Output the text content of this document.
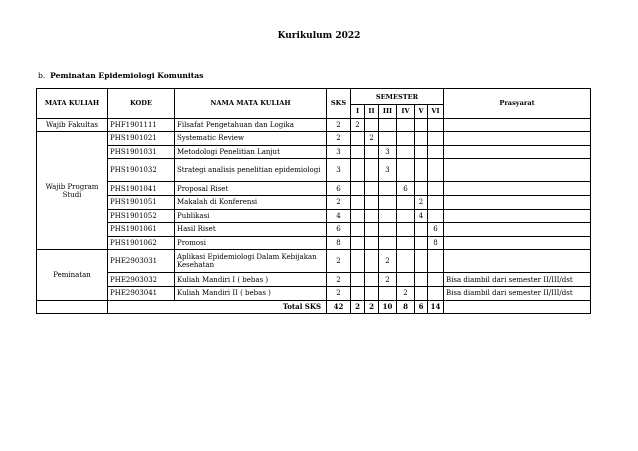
Kurikulum 2022
b. Peminatan Epidemiologi Komunitas
MATA KULIAH	KODE	NAMA MATA KULIAH	SKS	SEMESTER						Prasyarat
				I	II	III	IV	V	VI	
Wajib Fakultas	PHF1901111	Filsafat Pengetahuan dan Logika	2	2						
Wajib Program Studi	PHS1901021	Systematic Review	2		2					
	PHS1901031	Metodologi Penelitian Lanjut	3			3				
	PHS1901032	Strategi analisis penelitian epidemiologi	3			3				
	PHS1901041	Proposal Riset	6				6			
	PHS1901051	Makalah di Konferensi	2					2		
	PHS1901052	Publikasi	4					4		
	PHS1901061	Hasil Riset	6						6	
	PHS1901062	Promosi	8						8	
Peminatan	PHE2903031	Aplikasi Epidemiologi Dalam Kebijakan Kesehatan	2			2				
	PHE2903032	Kuliah Mandiri I ( bebas )	2			2				Bisa diambil dari semester II/III/dst
	PHE2903041	Kuliah Mandiri II ( bebas )	2				2			Bisa diambil dari semester II/III/dst
	Total SKS		42	2	2	10	8	6	14	
